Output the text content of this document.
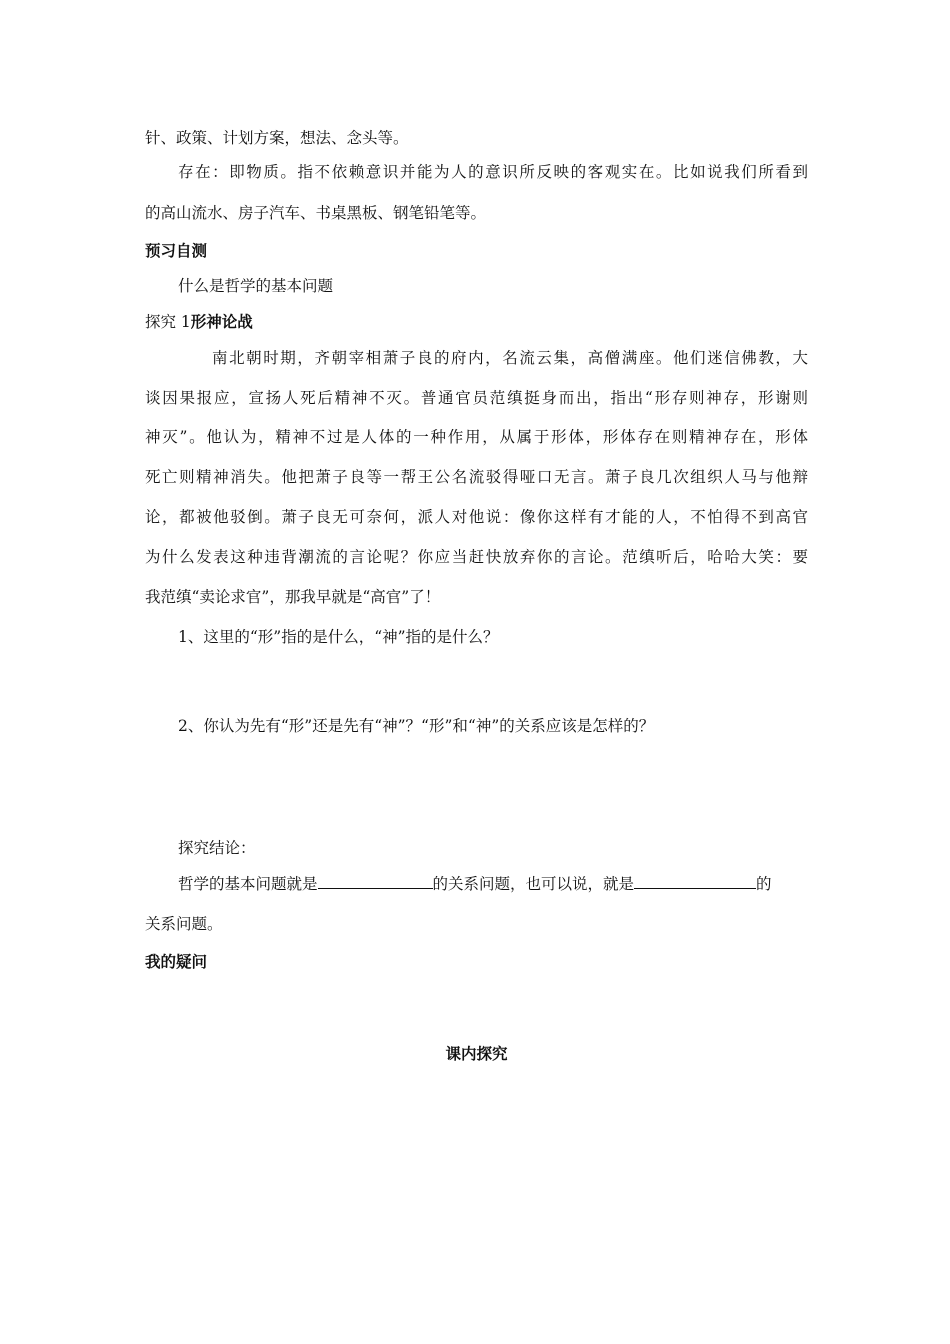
针、政策、计划方案，想法、念头等。
存在：即物质。指不依赖意识并能为人的意识所反映的客观实在。比如说我们所看到
的高山流水、房子汽车、书桌黑板、钢笔铅笔等。
预习自测
什么是哲学的基本问题
探究 1形神论战
南北朝时期，齐朝宰相萧子良的府内，名流云集，高僧满座。他们迷信佛教，大
谈因果报应，宣扬人死后精神不灭。普通官员范缜挺身而出，指出“形存则神存，形谢则
神灭”。他认为，精神不过是人体的一种作用，从属于形体，形体存在则精神存在，形体
死亡则精神消失。他把萧子良等一帮王公名流驳得哑口无言。萧子良几次组织人马与他辩
论，都被他驳倒。萧子良无可奈何，派人对他说：像你这样有才能的人，不怕得不到高官
为什么发表这种违背潮流的言论呢？你应当赶快放弃你的言论。范缜听后，哈哈大笑：要
我范缜“卖论求官”，那我早就是“高官”了！
1、这里的“形”指的是什么，“神”指的是什么？
2、你认为先有“形”还是先有“神”？“形”和“神”的关系应该是怎样的？
探究结论：
哲学的基本问题就是	的关系问题，也可以说，就是	的
关系问题。
我的疑问
课内探究
